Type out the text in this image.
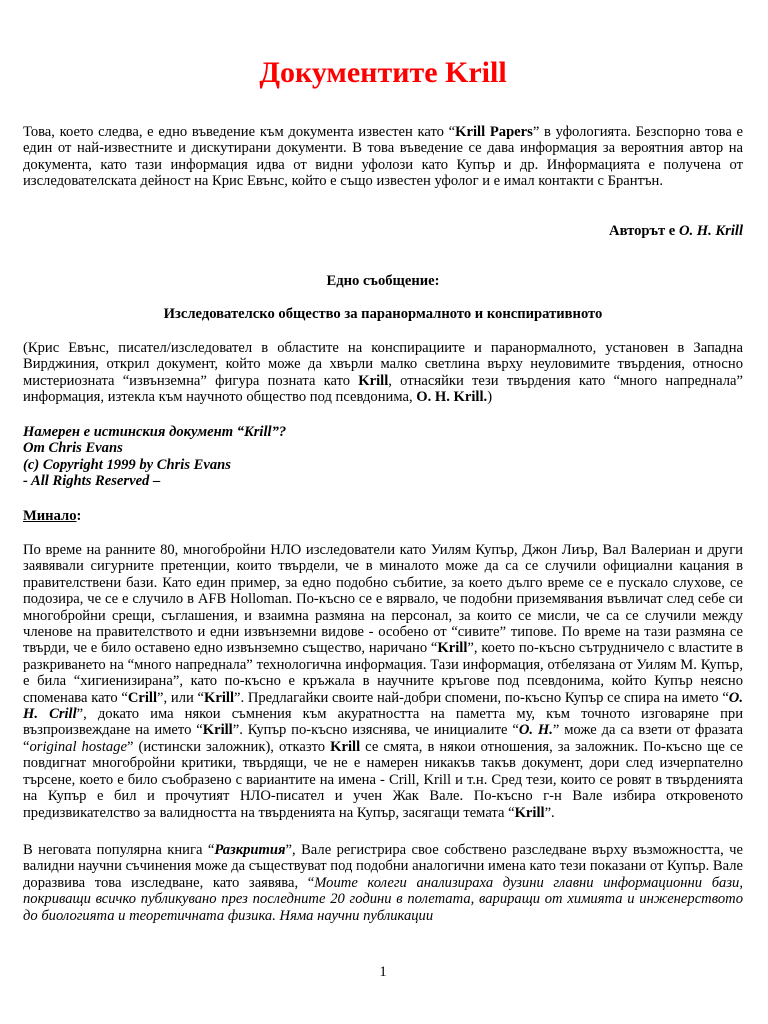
Документите Krill

Това, което следва, е едно въведение към документа известен като “Krill Papers” в уфологията. Безспорно това е един от най-известните и дискутирани документи. В това въведение се дава информация за вероятния автор на документа, като тази информация идва от видни уфолози като Купър и др. Информацията е получена от изследователската дейност на Крис Евънс, който е също известен уфолог и е имал контакти с Брантън.

Авторът е O. H. Krill

Едно съобщение:

Изследователско общество за паранормалното и конспиративното

(Крис Евънс, писател/изследовател в областите на конспирациите и паранормалното, установен в Западна Вирджиния, открил документ, който може да хвърли малко светлина върху неуловимите твърдения, относно мистериозната “извънземна” фигура позната като Krill, отнасяйки тези твърдения като “много напреднала” информация, изтекла към научното общество под псевдонима, O. H. Krill.)

Намерен е истинския документ “Krill”?
От Chris Evans
(c) Copyright 1999 by Chris Evans
- All Rights Reserved –

Минало:

По време на ранните 80, многобройни НЛО изследователи като Уилям Купър, Джон Лиър, Вал Валериан и други заявявали сигурните претенции, които твърдели, че в миналото може да са се случили официални кацания в правителствени бази. Като един пример, за едно подобно събитие, за което дълго време се е пускало слухове, се подозира, че се е случило в AFB Holloman. По-късно се е вярвало, че подобни приземявания въвличат след себе си многобройни срещи, съглашения, и взаимна размяна на персонал, за които се мисли, че са се случили между членове на правителството и едни извънземни видове - особено от “сивите” типове. По време на тази размяна се твърди, че е било оставено едно извънземно същество, наричано “Krill”, което по-късно сътрудничело с властите в разкриването на “много напреднала” технологична информация. Тази информация, отбелязана от Уилям М. Купър, е била “хигиенизирана”, като по-късно е кръжала в научните кръгове под псевдонима, който Купър неясно споменава като “Crill”, или “Krill”. Предлагайки своите най-добри спомени, по-късно Купър се спира на името “O. H. Crill”, докато има някои съмнения към акуратността на паметта му, към точното изговаряне при възпроизвеждане на името “Krill”. Купър по-късно изяснява, че инициалите “O. H.” може да са взети от фразата “original hostage” (истински заложник), отказто Krill се смята, в някои отношения, за заложник. По-късно ще се повдигнат многобройни критики, твърдящи, че не е намерен никакъв такъв документ, дори след изчерпателно търсене, което е било съобразено с вариантите на имена - Crill, Krill и т.н. Сред тези, които се ровят в твърденията на Купър е бил и прочутият НЛО-писател и учен Жак Вале. По-късно г-н Вале избира откровеното предизвикателство за валидността на твърденията на Купър, засягащи темата “Krill”.

В неговата популярна книга “Разкрития”, Вале регистрира свое собствено разследване върху възможността, че валидни научни съчинения може да съществуват под подобни аналогични имена като тези показани от Купър. Вале доразвива това изследване, като заявява, “Моите колеги анализираха дузини главни информационни бази, покриващи всичко публикувано през последните 20 години в полетата, вариращи от химията и инженерството до биологията и теоретичната физика. Няма научни публикации

1
